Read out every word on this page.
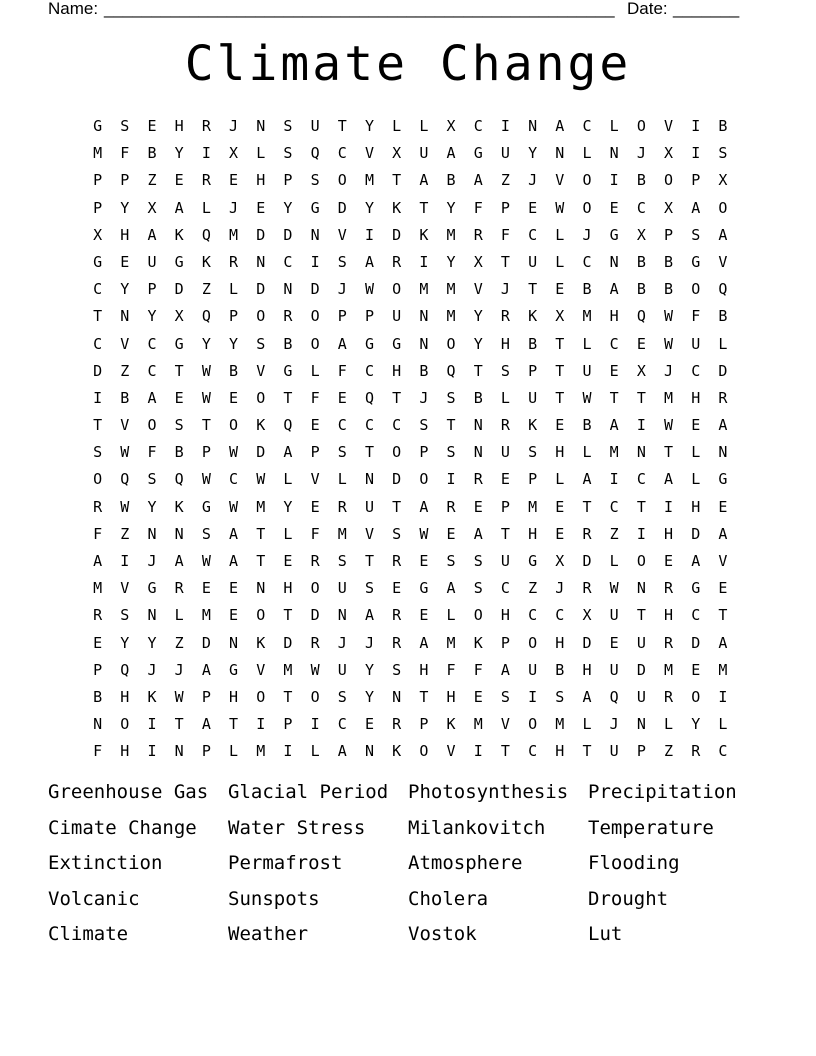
Name: ______________________________________________________ Date: _______
Climate Change
G	S	E	H	R	J	N	S	U	T	Y	L	L	X	C	I	N	A	C	L	O	V	I	B
M	F	B	Y	I	X	L	S	Q	C	V	X	U	A	G	U	Y	N	L	N	J	X	I	S
P	P	Z	E	R	E	H	P	S	O	M	T	A	B	A	Z	J	V	O	I	B	O	P	X
P	Y	X	A	L	J	E	Y	G	D	Y	K	T	Y	F	P	E	W	O	E	C	X	A	O
X	H	A	K	Q	M	D	D	N	V	I	D	K	M	R	F	C	L	J	G	X	P	S	A
G	E	U	G	K	R	N	C	I	S	A	R	I	Y	X	T	U	L	C	N	B	B	G	V
C	Y	P	D	Z	L	D	N	D	J	W	O	M	M	V	J	T	E	B	A	B	B	O	Q
T	N	Y	X	Q	P	O	R	O	P	P	U	N	M	Y	R	K	X	M	H	Q	W	F	B
C	V	C	G	Y	Y	S	B	O	A	G	G	N	O	Y	H	B	T	L	C	E	W	U	L
D	Z	C	T	W	B	V	G	L	F	C	H	B	Q	T	S	P	T	U	E	X	J	C	D
I	B	A	E	W	E	O	T	F	E	Q	T	J	S	B	L	U	T	W	T	T	M	H	R
T	V	O	S	T	O	K	Q	E	C	C	C	S	T	N	R	K	E	B	A	I	W	E	A
S	W	F	B	P	W	D	A	P	S	T	O	P	S	N	U	S	H	L	M	N	T	L	N
O	Q	S	Q	W	C	W	L	V	L	N	D	O	I	R	E	P	L	A	I	C	A	L	G
R	W	Y	K	G	W	M	Y	E	R	U	T	A	R	E	P	M	E	T	C	T	I	H	E
F	Z	N	N	S	A	T	L	F	M	V	S	W	E	A	T	H	E	R	Z	I	H	D	A
A	I	J	A	W	A	T	E	R	S	T	R	E	S	S	U	G	X	D	L	O	E	A	V
M	V	G	R	E	E	N	H	O	U	S	E	G	A	S	C	Z	J	R	W	N	R	G	E
R	S	N	L	M	E	O	T	D	N	A	R	E	L	O	H	C	C	X	U	T	H	C	T
E	Y	Y	Z	D	N	K	D	R	J	J	R	A	M	K	P	O	H	D	E	U	R	D	A
P	Q	J	J	A	G	V	M	W	U	Y	S	H	F	F	A	U	B	H	U	D	M	E	M
B	H	K	W	P	H	O	T	O	S	Y	N	T	H	E	S	I	S	A	Q	U	R	O	I
N	O	I	T	A	T	I	P	I	C	E	R	P	K	M	V	O	M	L	J	N	L	Y	L
F	H	I	N	P	L	M	I	L	A	N	K	O	V	I	T	C	H	T	U	P	Z	R	C
Greenhouse Gas	Glacial Period	Photosynthesis	Precipitation
Cimate Change	Water Stress	Milankovitch	Temperature
Extinction	Permafrost	Atmosphere	Flooding
Volcanic	Sunspots	Cholera	Drought
Climate	Weather	Vostok	Lut
